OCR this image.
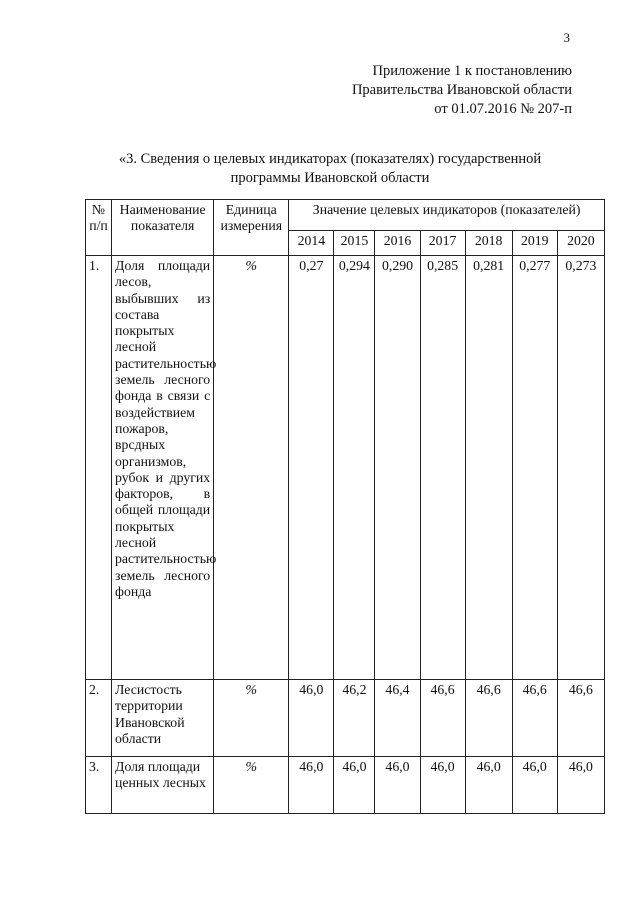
3
Приложение 1 к постановлению
Правительства Ивановской области
от 01.07.2016 № 207-п
«3. Сведения о целевых индикаторах (показателях) государственной
программы Ивановской области
№ п/п	Наименование показателя	Единица измерения	Значение целевых индикаторов (показателей)						
			2014	2015	2016	2017	2018	2019	2020
1.	Доля площади лесов, выбывших из состава покрытых лесной растительностью земель лесного фонда в связи с воздействием пожаров, врсдных организмов, рубок и других факторов, в общей площади покрытых лесной растительностью земель лесного фонда	%	0,27	0,294	0,290	0,285	0,281	0,277	0,273
2.	Лесистость территории Ивановской области	%	46,0	46,2	46,4	46,6	46,6	46,6	46,6
3.	Доля площади ценных лесных	%	46,0	46,0	46,0	46,0	46,0	46,0	46,0
